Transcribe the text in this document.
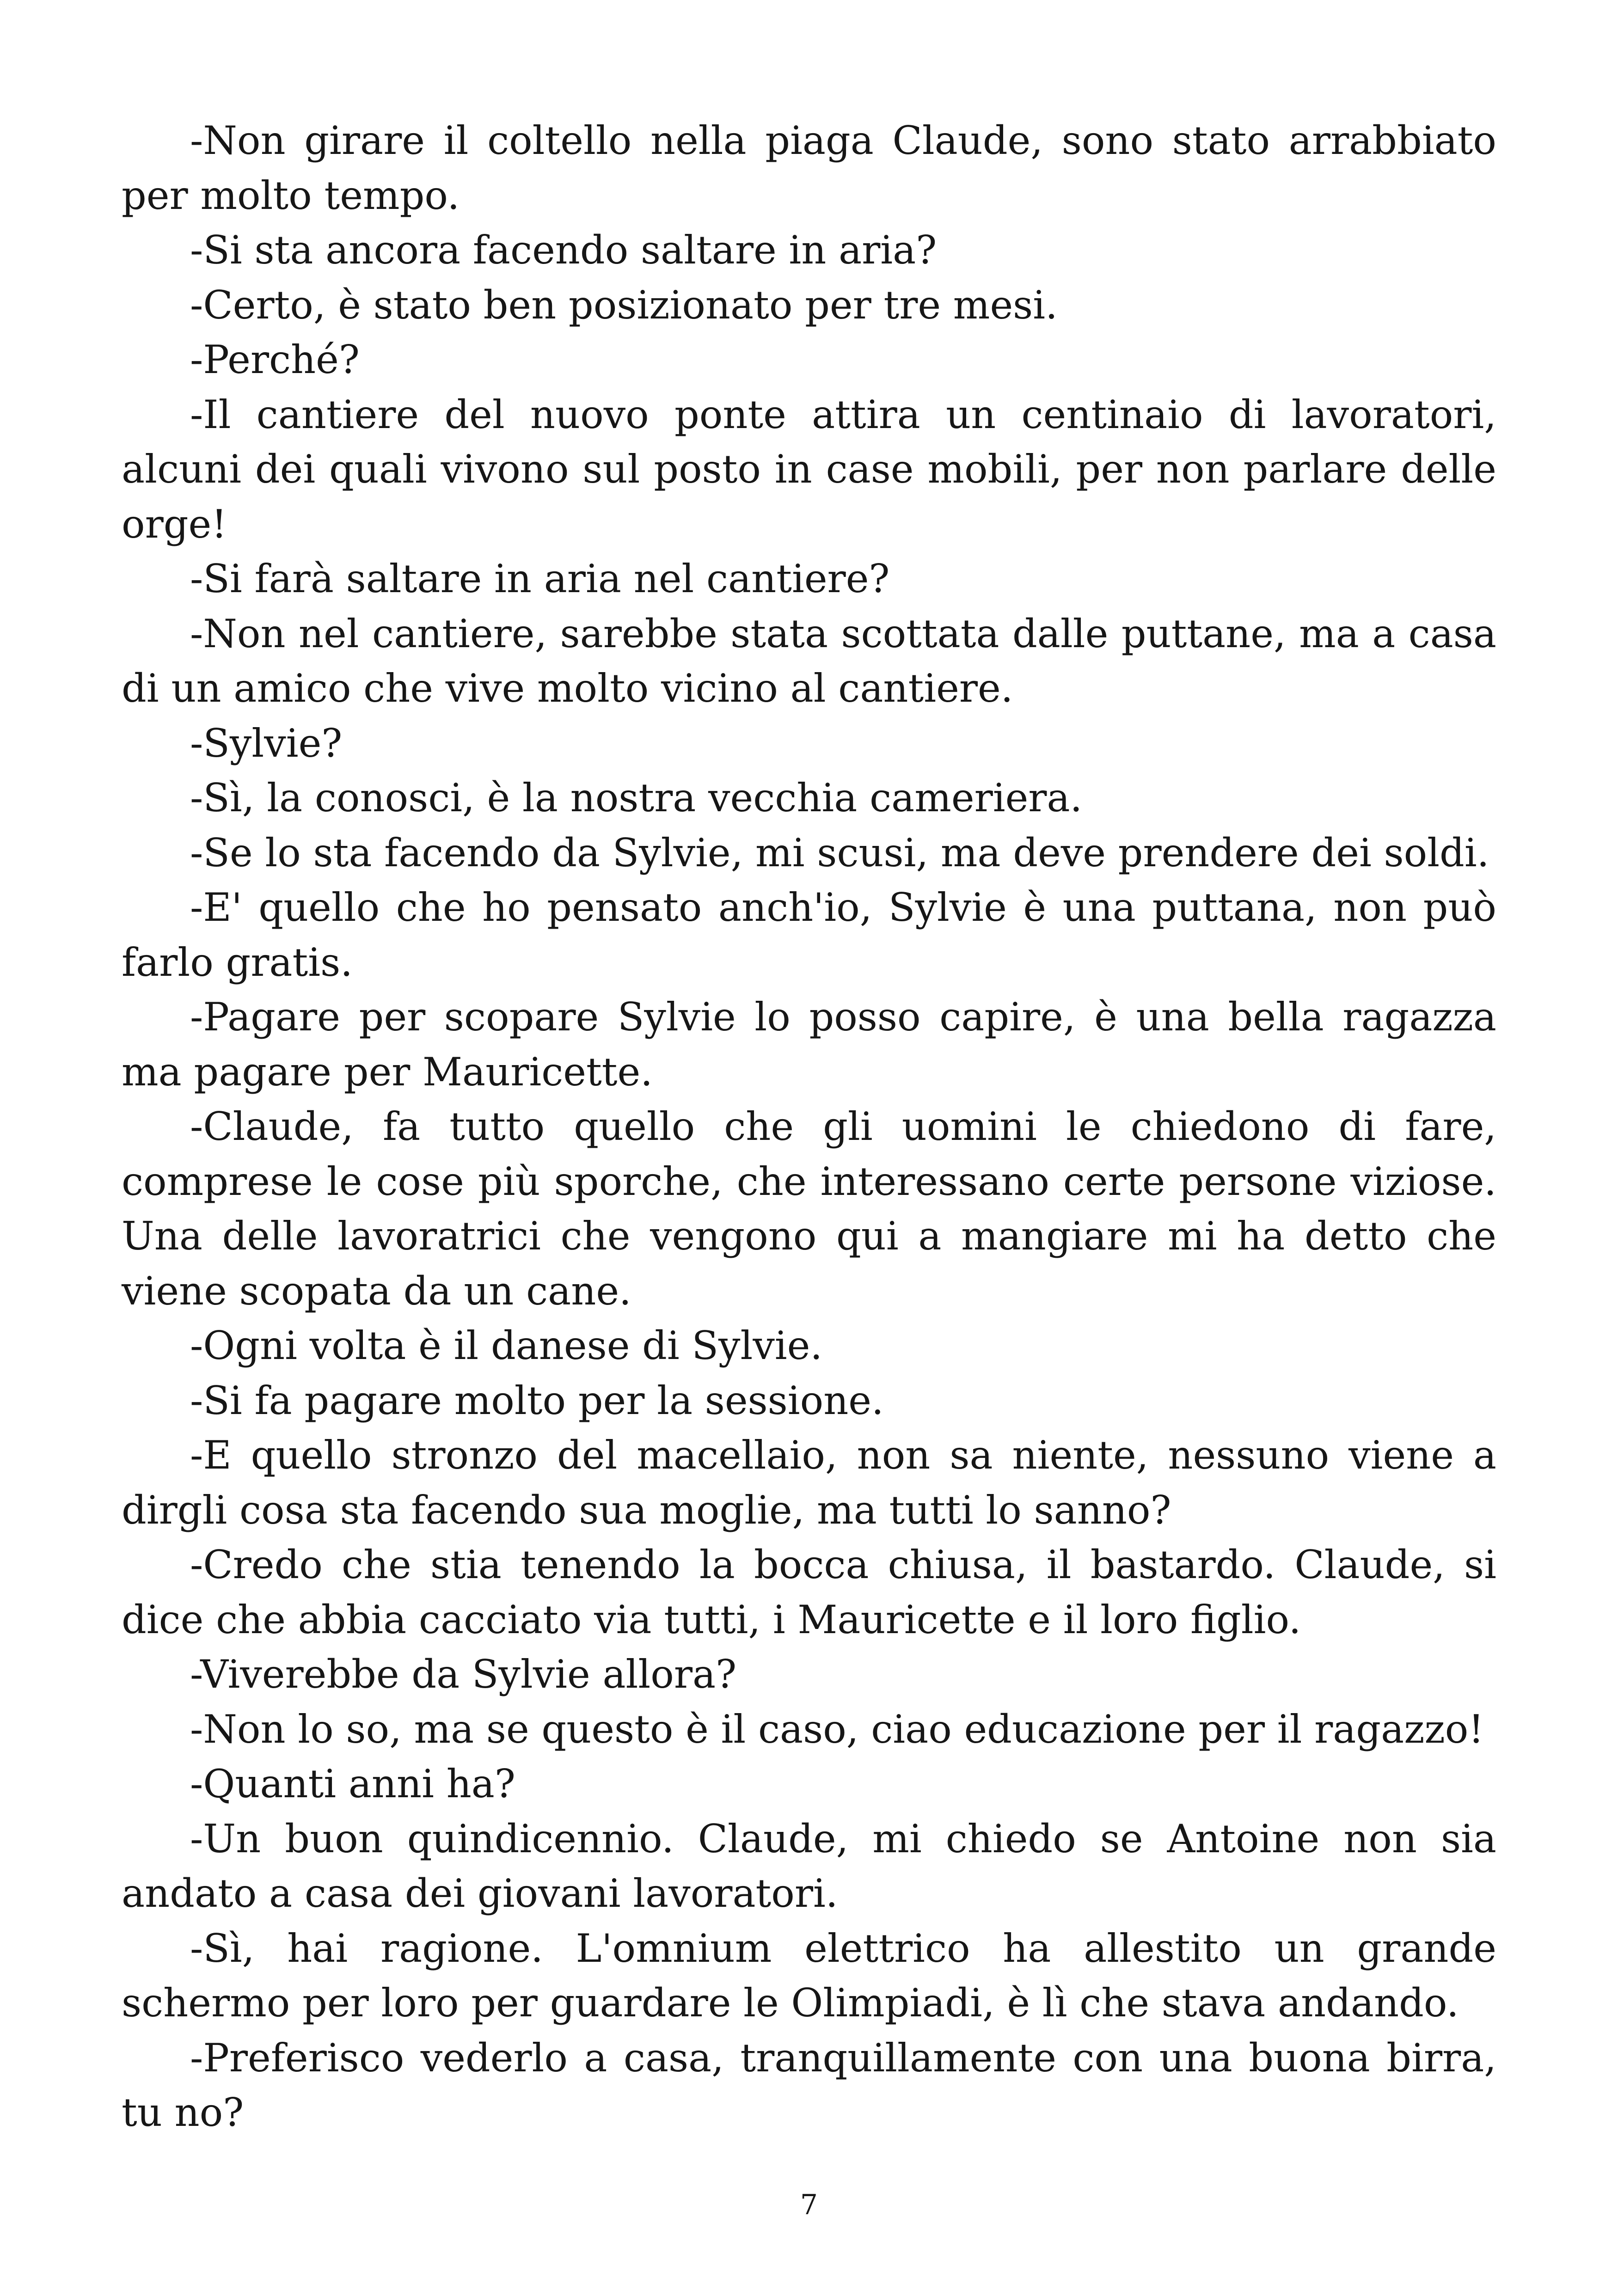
-Non girare il coltello nella piaga Claude, sono stato arrabbiato per molto tempo.

-Si sta ancora facendo saltare in aria?

-Certo, è stato ben posizionato per tre mesi.

-Perché?

-Il cantiere del nuovo ponte attira un centinaio di lavoratori, alcuni dei quali vivono sul posto in case mobili, per non parlare delle orge!

-Si farà saltare in aria nel cantiere?

-Non nel cantiere, sarebbe stata scottata dalle puttane, ma a casa di un amico che vive molto vicino al cantiere.

-Sylvie?

-Sì, la conosci, è la nostra vecchia cameriera.

-Se lo sta facendo da Sylvie, mi scusi, ma deve prendere dei soldi.

-E' quello che ho pensato anch'io, Sylvie è una puttana, non può farlo gratis.

-Pagare per scopare Sylvie lo posso capire, è una bella ragazza ma pagare per Mauricette.

-Claude, fa tutto quello che gli uomini le chiedono di fare, comprese le cose più sporche, che interessano certe persone viziose. Una delle lavoratrici che vengono qui a mangiare mi ha detto che viene scopata da un cane.

-Ogni volta è il danese di Sylvie.

-Si fa pagare molto per la sessione.

-E quello stronzo del macellaio, non sa niente, nessuno viene a dirgli cosa sta facendo sua moglie, ma tutti lo sanno?

-Credo che stia tenendo la bocca chiusa, il bastardo. Claude, si dice che abbia cacciato via tutti, i Mauricette e il loro figlio.

-Viverebbe da Sylvie allora?

-Non lo so, ma se questo è il caso, ciao educazione per il ragazzo!

-Quanti anni ha?

-Un buon quindicennio. Claude, mi chiedo se Antoine non sia andato a casa dei giovani lavoratori.

-Sì, hai ragione. L'omnium elettrico ha allestito un grande schermo per loro per guardare le Olimpiadi, è lì che stava andando.

-Preferisco vederlo a casa, tranquillamente con una buona birra, tu no?

7
